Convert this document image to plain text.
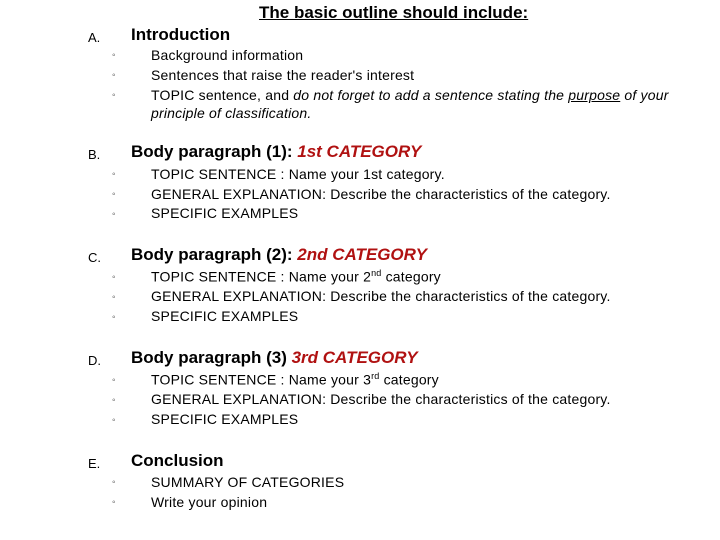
The basic outline should include:
A. Introduction
◦	Background information
◦	Sentences that raise the reader's interest
◦	TOPIC sentence, and do not forget to add a sentence stating the purpose of your principle of classification.
B. Body paragraph (1): 1st CATEGORY
◦	TOPIC SENTENCE : Name your 1st category.
◦	GENERAL EXPLANATION: Describe the characteristics of the category.
◦	SPECIFIC EXAMPLES
C. Body paragraph (2): 2nd CATEGORY
◦	TOPIC SENTENCE : Name your 2nd category
◦	GENERAL EXPLANATION: Describe the characteristics of the category.
◦	SPECIFIC EXAMPLES
D. Body paragraph (3) 3rd CATEGORY
◦	TOPIC SENTENCE : Name your 3rd category
◦	GENERAL EXPLANATION: Describe the characteristics of the category.
◦	SPECIFIC EXAMPLES
E. Conclusion
◦	SUMMARY OF CATEGORIES
◦	Write your opinion
